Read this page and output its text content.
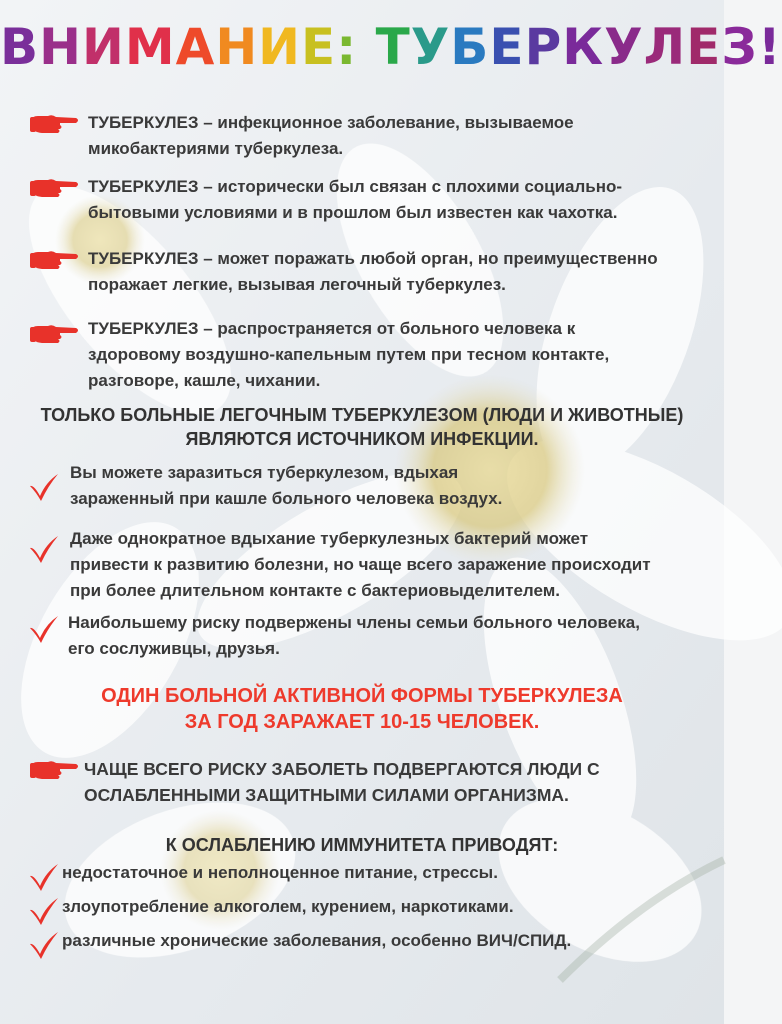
ВНИМАНИЕ: ТУБЕРКУЛЕЗ!
ТУБЕРКУЛЕЗ – инфекционное заболевание, вызываемое
микобактериями туберкулеза.
ТУБЕРКУЛЕЗ – исторически был связан с плохими социально-
бытовыми условиями и в прошлом был известен как чахотка.
ТУБЕРКУЛЕЗ – может поражать любой орган, но преимущественно
поражает легкие, вызывая легочный туберкулез.
ТУБЕРКУЛЕЗ – распространяется от больного человека к
здоровому воздушно-капельным путем при тесном контакте,
разговоре, кашле, чихании.
ТОЛЬКО БОЛЬНЫЕ ЛЕГОЧНЫМ ТУБЕРКУЛЕЗОМ (ЛЮДИ И ЖИВОТНЫЕ)
ЯВЛЯЮТСЯ ИСТОЧНИКОМ ИНФЕКЦИИ.
Вы можете заразиться туберкулезом, вдыхая
зараженный при кашле больного человека воздух.
Даже однократное вдыхание туберкулезных бактерий может
привести к развитию болезни, но чаще всего заражение происходит
при более длительном контакте с бактериовыделителем.
Наибольшему риску подвержены члены семьи больного человека,
его сослуживцы, друзья.
ОДИН БОЛЬНОЙ АКТИВНОЙ ФОРМЫ ТУБЕРКУЛЕЗА
ЗА ГОД ЗАРАЖАЕТ 10-15 ЧЕЛОВЕК.
ЧАЩЕ ВСЕГО РИСКУ ЗАБОЛЕТЬ ПОДВЕРГАЮТСЯ ЛЮДИ С
ОСЛАБЛЕННЫМИ ЗАЩИТНЫМИ СИЛАМИ ОРГАНИЗМА.
К ОСЛАБЛЕНИЮ ИММУНИТЕТА ПРИВОДЯТ:
недостаточное и неполноценное питание, стрессы.
злоупотребление алкоголем, курением, наркотиками.
различные хронические заболевания, особенно ВИЧ/СПИД.
